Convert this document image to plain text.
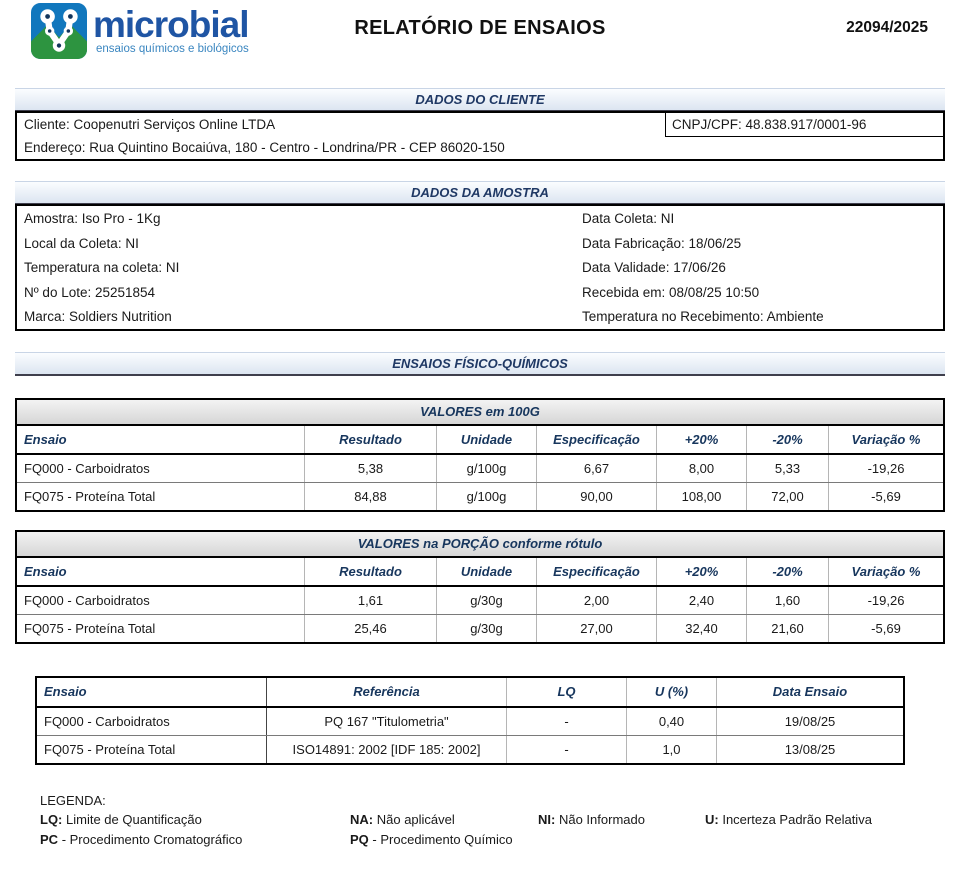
microbial
ensaios químicos e biológicos
RELATÓRIO DE ENSAIOS	22094/2025
DADOS DO CLIENTE
Cliente: Coopenutri Serviços Online LTDA	CNPJ/CPF: 48.838.917/0001-96
Endereço: Rua Quintino Bocaiúva, 180 - Centro - Londrina/PR - CEP 86020-150
DADOS DA AMOSTRA
Amostra: Iso Pro - 1Kg	Data Coleta: NI
Local da Coleta: NI	Data Fabricação: 18/06/25
Temperatura na coleta: NI	Data Validade: 17/06/26
Nº do Lote: 25251854	Recebida em: 08/08/25 10:50
Marca: Soldiers Nutrition	Temperatura no Recebimento: Ambiente
ENSAIOS FÍSICO-QUÍMICOS
VALORES em 100G
Ensaio	Resultado	Unidade	Especificação	+20%	-20%	Variação %
FQ000 - Carboidratos	5,38	g/100g	6,67	8,00	5,33	-19,26
FQ075 - Proteína Total	84,88	g/100g	90,00	108,00	72,00	-5,69
VALORES na PORÇÃO conforme rótulo
Ensaio	Resultado	Unidade	Especificação	+20%	-20%	Variação %
FQ000 - Carboidratos	1,61	g/30g	2,00	2,40	1,60	-19,26
FQ075 - Proteína Total	25,46	g/30g	27,00	32,40	21,60	-5,69
Ensaio	Referência	LQ	U (%)	Data Ensaio
FQ000 - Carboidratos	PQ 167 "Titulometria"	-	0,40	19/08/25
FQ075 - Proteína Total	ISO14891: 2002 [IDF 185: 2002]	-	1,0	13/08/25
LEGENDA:
LQ: Limite de Quantificação	NA: Não aplicável	NI: Não Informado	U: Incerteza Padrão Relativa
PC - Procedimento Cromatográfico	PQ - Procedimento Químico
